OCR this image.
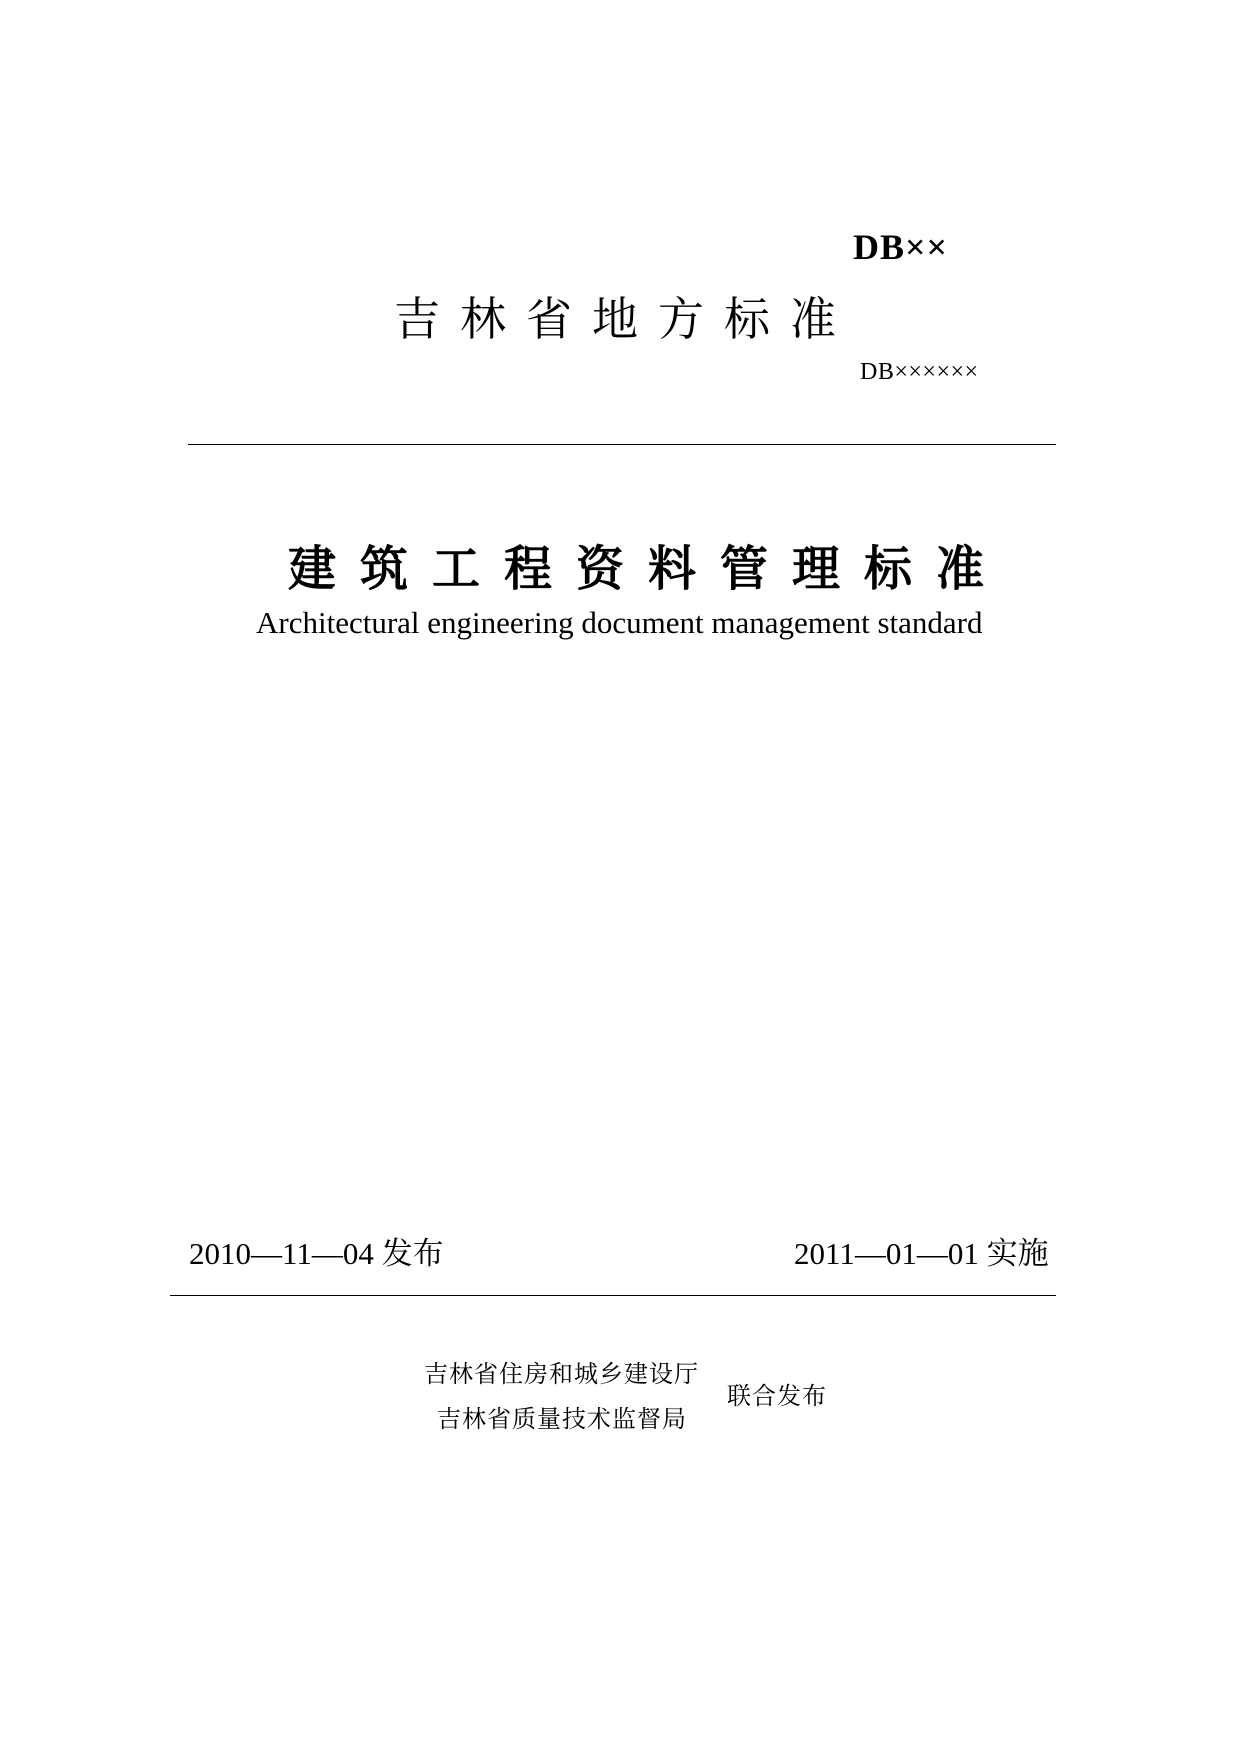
DB××
吉林省地方标准
DB××××××
建筑工程资料管理标准
Architectural engineering document management standard
2010—11—04 发布	2011—01—01 实施
吉林省住房和城乡建设厅
吉林省质量技术监督局
联合发布
